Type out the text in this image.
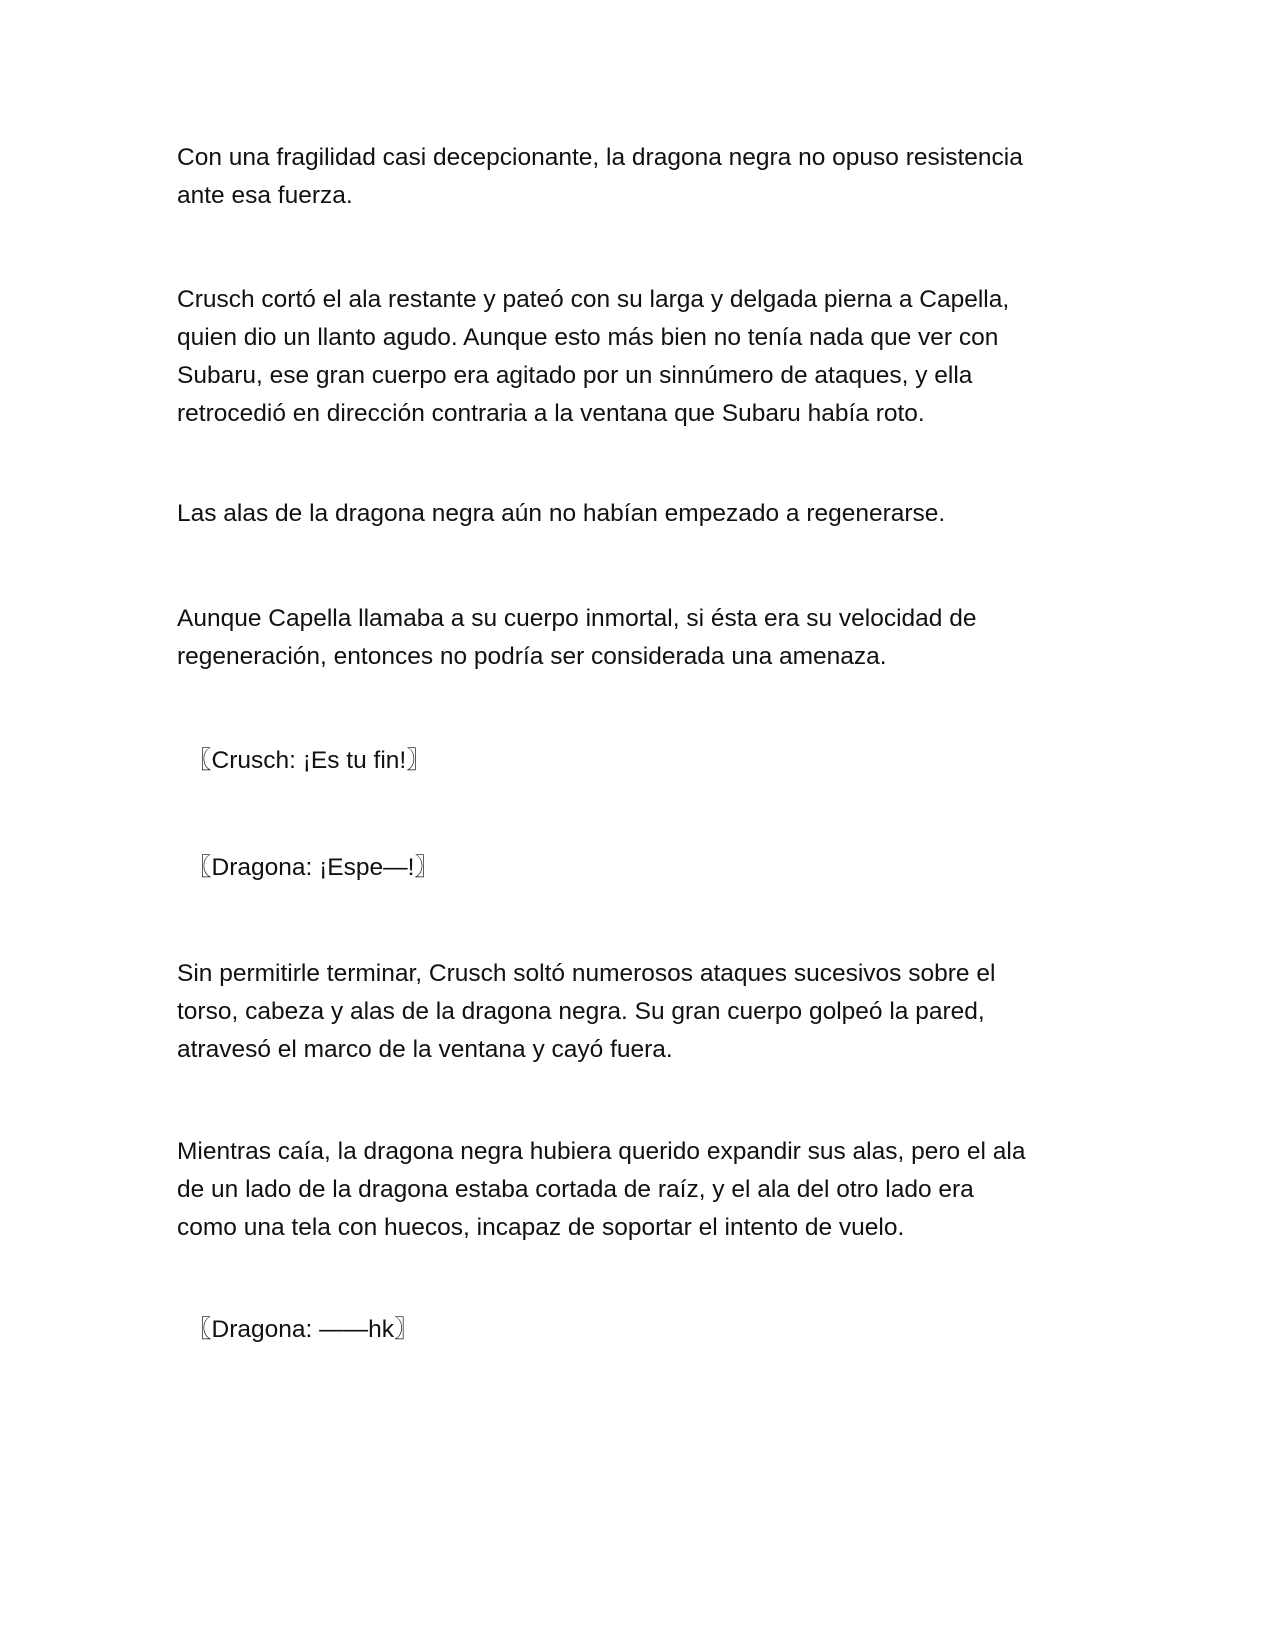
Con una fragilidad casi decepcionante, la dragona negra no opuso resistencia
ante esa fuerza.

Crusch cortó el ala restante y pateó con su larga y delgada pierna a Capella,
quien dio un llanto agudo. Aunque esto más bien no tenía nada que ver con
Subaru, ese gran cuerpo era agitado por un sinnúmero de ataques, y ella
retrocedió en dirección contraria a la ventana que Subaru había roto.

Las alas de la dragona negra aún no habían empezado a regenerarse.

Aunque Capella llamaba a su cuerpo inmortal, si ésta era su velocidad de
regeneración, entonces no podría ser considerada una amenaza.

〖Crusch: ¡Es tu fin!〗

〖Dragona: ¡Espe—!〗

Sin permitirle terminar, Crusch soltó numerosos ataques sucesivos sobre el
torso, cabeza y alas de la dragona negra. Su gran cuerpo golpeó la pared,
atravesó el marco de la ventana y cayó fuera.

Mientras caía, la dragona negra hubiera querido expandir sus alas, pero el ala
de un lado de la dragona estaba cortada de raíz, y el ala del otro lado era
como una tela con huecos, incapaz de soportar el intento de vuelo.

〖Dragona: ——hk〗
